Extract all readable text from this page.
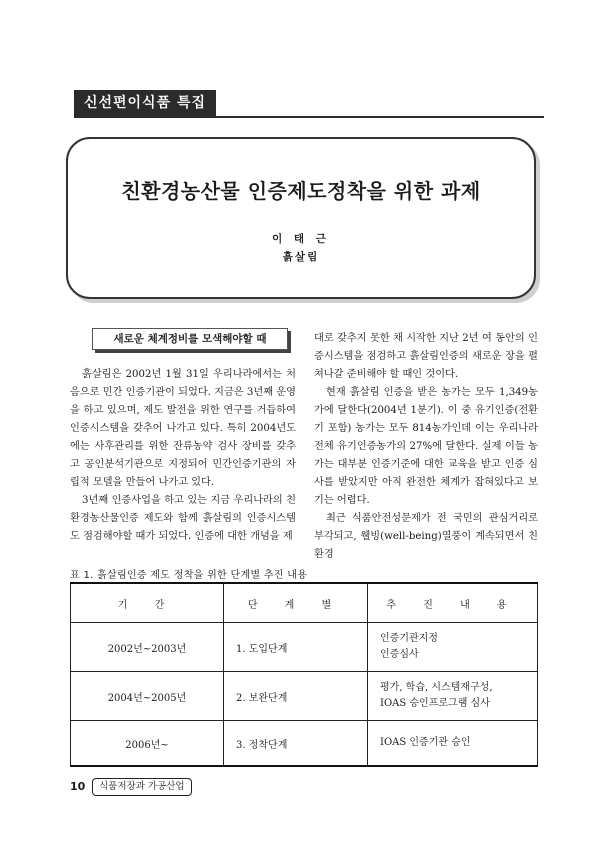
신선편이식품 특집
친환경농산물 인증제도정착을 위한 과제
이 태 근
흙살림
새로운 체계정비를 모색해야할 때

흙살림은 2002년 1월 31일 우리나라에서는 처음으로 민간 인증기관이 되었다. 지금은 3년째 운영을 하고 있으며, 제도 발전을 위한 연구를 거듭하여 인증시스템을 갖추어 나가고 있다. 특히 2004년도에는 사후관리를 위한 잔류농약 검사 장비를 갖추고 공인분석기관으로 지정되어 민간인증기관의 자립적 모델을 만들어 나가고 있다.

3년째 인증사업을 하고 있는 지금 우리나라의 친환경농산물인증 제도와 함께 흙살림의 인증시스템도 점검해야할 때가 되었다. 인증에 대한 개념을 제

대로 갖추지 못한 채 시작한 지난 2년 여 동안의 인증시스템을 점검하고 흙살림인증의 새로운 장을 펼쳐나갈 준비해야 할 때인 것이다.

현재 흙살림 인증을 받은 농가는 모두 1,349농가에 달한다(2004년 1분기). 이 중 유기인증(전환기 포함) 농가는 모두 814농가인데 이는 우리나라 전체 유기인증농가의 27%에 달한다. 실제 이들 농가는 대부분 인증기준에 대한 교육을 받고 인증 심사를 받았지만 아직 완전한 체계가 잡혀있다고 보기는 어렵다.

최근 식품안전성문제가 전 국민의 관심거리로 부각되고, 웰빙(well-being)열풍이 계속되면서 친환경

표 1. 흙살림인증 제도 정착을 위한 단계별 추진 내용
기 간	단 계 별	추 진 내 용
2002년~2003년	1. 도입단계	인증기관지정
인증심사

2004년~2005년	2. 보완단계	평가, 학습, 시스템재구성,
IOAS 승인프로그램 심사

2006년~	3. 정착단계	IOAS 인증기관 승인
10	식품저장과 가공산업
